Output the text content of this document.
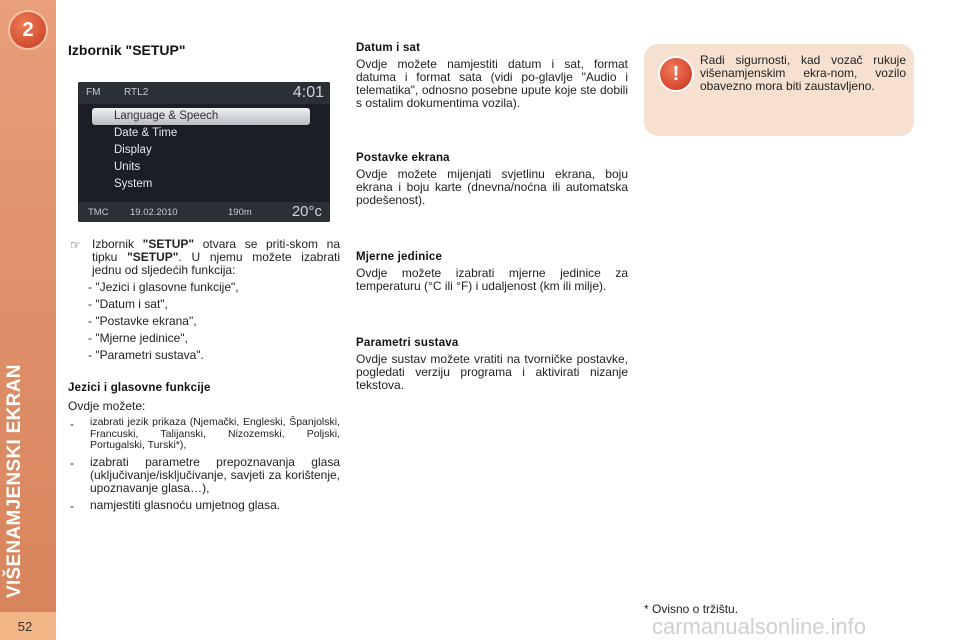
2
VIŠENAMJENSKI EKRAN
52
Izbornik "SETUP"
FM RTL2	4:01
Language & Speech
Date & Time
Display
Units
System
TMC 19.02.2010	190m	20°c
☞ Izbornik "SETUP" otvara se priti-skom na tipku "SETUP". U njemu možete izabrati jednu od sljedećih funkcija:

- "Jezici i glasovne funkcije",
- "Datum i sat",
- "Postavke ekrana",
- "Mjerne jedinice",
- "Parametri sustava".
Jezici i glasovne funkcije

Ovdje možete:

- izabrati jezik prikaza (Njemački, Engleski, Španjolski, Francuski, Talijanski, Nizozemski, Poljski, Portugalski, Turski*),

- izabrati parametre prepoznavanja glasa (uključivanje/isključivanje, savjeti za korištenje, upoznavanje glasa…),

- namjestiti glasnoću umjetnog glasa.

Datum i sat

Ovdje možete namjestiti datum i sat, format datuma i format sata (vidi po-glavlje "Audio i telematika", odnosno posebne upute koje ste dobili s ostalim dokumentima vozila).

Postavke ekrana

Ovdje možete mijenjati svjetlinu ekrana, boju ekrana i boju karte (dnevna/noćna ili automatska podešenost).

Mjerne jedinice

Ovdje možete izabrati mjerne jedinice za temperaturu (°C ili °F) i udaljenost (km ili milje).

Parametri sustava

Ovdje sustav možete vratiti na tvorničke postavke, pogledati verziju programa i aktivirati nizanje tekstova.

!
Radi sigurnosti, kad vozač rukuje višenamjenskim ekra-nom, vozilo obavezno mora biti zaustavljeno.
* Ovisno o tržištu.
carmanualsonline.info
